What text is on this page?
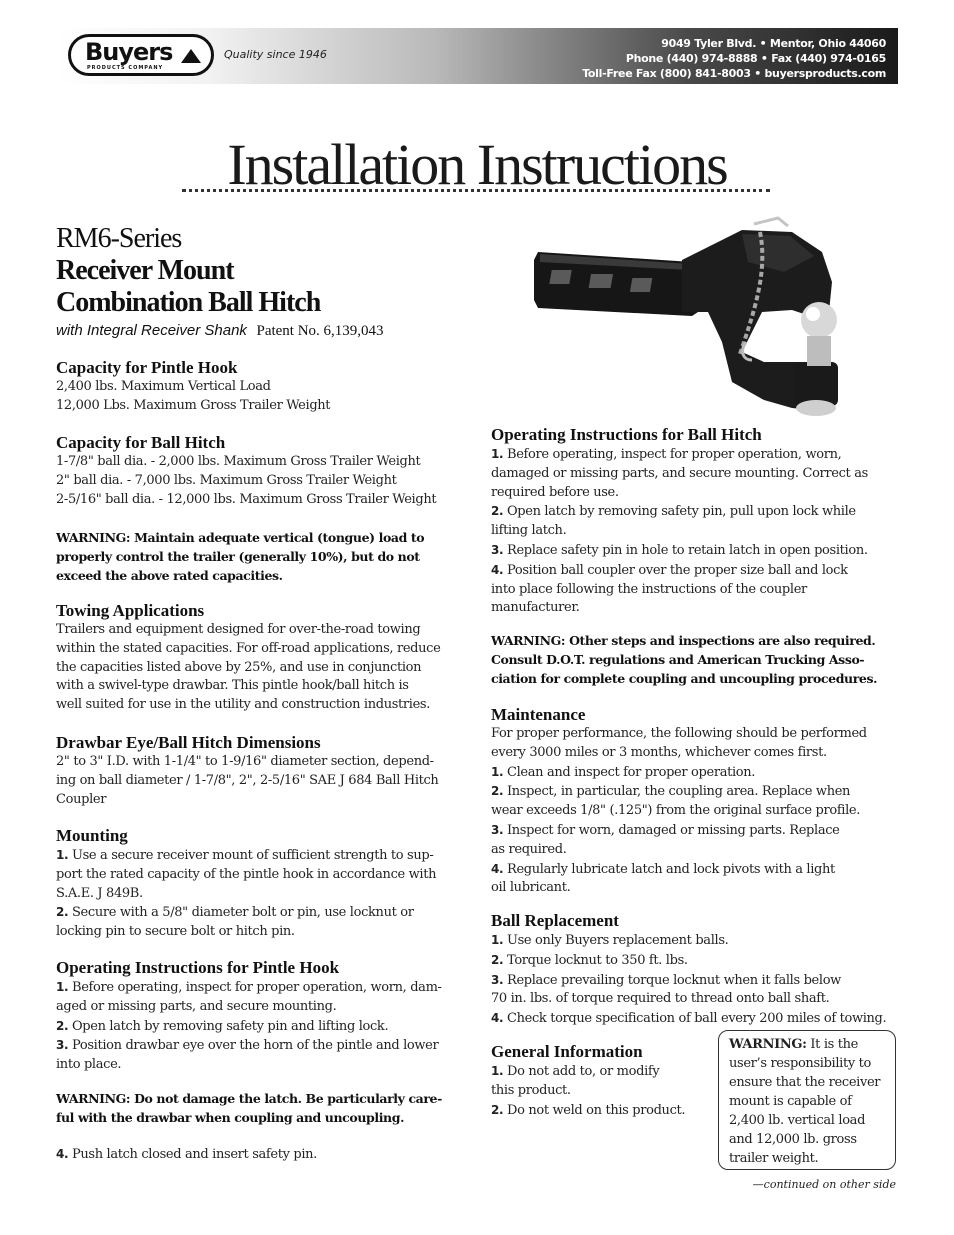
Buyers
PRODUCTS COMPANY
Quality since 1946
9049 Tyler Blvd. • Mentor, Ohio 44060
Phone (440) 974-8888 • Fax (440) 974-0165
Toll-Free Fax (800) 841-8003 • buyersproducts.com
Installation Instructions
RM6-Series
Receiver Mount
Combination Ball Hitch
with Integral Receiver Shank Patent No. 6,139,043

Capacity for Pintle Hook

2,400 lbs. Maximum Vertical Load

12,000 Lbs. Maximum Gross Trailer Weight

Capacity for Ball Hitch

1-7/8" ball dia. - 2,000 lbs. Maximum Gross Trailer Weight

2" ball dia. - 7,000 lbs. Maximum Gross Trailer Weight

2-5/16" ball dia. - 12,000 lbs. Maximum Gross Trailer Weight

WARNING: Maintain adequate vertical (tongue) load to

properly control the trailer (generally 10%), but do not

exceed the above rated capacities.

Towing Applications

Trailers and equipment designed for over-the-road towing

within the stated capacities. For off-road applications, reduce

the capacities listed above by 25%, and use in conjunction

with a swivel-type drawbar. This pintle hook/ball hitch is

well suited for use in the utility and construction industries.

Drawbar Eye/Ball Hitch Dimensions

2" to 3" I.D. with 1-1/4" to 1-9/16" diameter section, depend-

ing on ball diameter / 1-7/8", 2", 2-5/16" SAE J 684 Ball Hitch

Coupler

Mounting

1. Use a secure receiver mount of sufficient strength to sup-

port the rated capacity of the pintle hook in accordance with

S.A.E. J 849B.

2. Secure with a 5/8" diameter bolt or pin, use locknut or

locking pin to secure bolt or hitch pin.

Operating Instructions for Pintle Hook

1. Before operating, inspect for proper operation, worn, dam-

aged or missing parts, and secure mounting.

2. Open latch by removing safety pin and lifting lock.

3. Position drawbar eye over the horn of the pintle and lower

into place.

WARNING: Do not damage the latch. Be particularly care-

ful with the drawbar when coupling and uncoupling.

4. Push latch closed and insert safety pin.

Operating Instructions for Ball Hitch

1. Before operating, inspect for proper operation, worn,

damaged or missing parts, and secure mounting. Correct as

required before use.

2. Open latch by removing safety pin, pull upon lock while

lifting latch.

3. Replace safety pin in hole to retain latch in open position.

4. Position ball coupler over the proper size ball and lock

into place following the instructions of the coupler

manufacturer.

WARNING: Other steps and inspections are also required.

Consult D.O.T. regulations and American Trucking Asso-

ciation for complete coupling and uncoupling procedures.

Maintenance

For proper performance, the following should be performed

every 3000 miles or 3 months, whichever comes first.

1. Clean and inspect for proper operation.

2. Inspect, in particular, the coupling area. Replace when

wear exceeds 1/8" (.125") from the original surface profile.

3. Inspect for worn, damaged or missing parts. Replace

as required.

4. Regularly lubricate latch and lock pivots with a light

oil lubricant.

Ball Replacement

1. Use only Buyers replacement balls.

2. Torque locknut to 350 ft. lbs.

3. Replace prevailing torque locknut when it falls below

70 in. lbs. of torque required to thread onto ball shaft.

4. Check torque specification of ball every 200 miles of towing.

General Information

1. Do not add to, or modify

this product.

2. Do not weld on this product.

WARNING: It is the

user’s responsibility to

ensure that the receiver

mount is capable of

2,400 lb. vertical load

and 12,000 lb. gross

trailer weight.

—continued on other side
